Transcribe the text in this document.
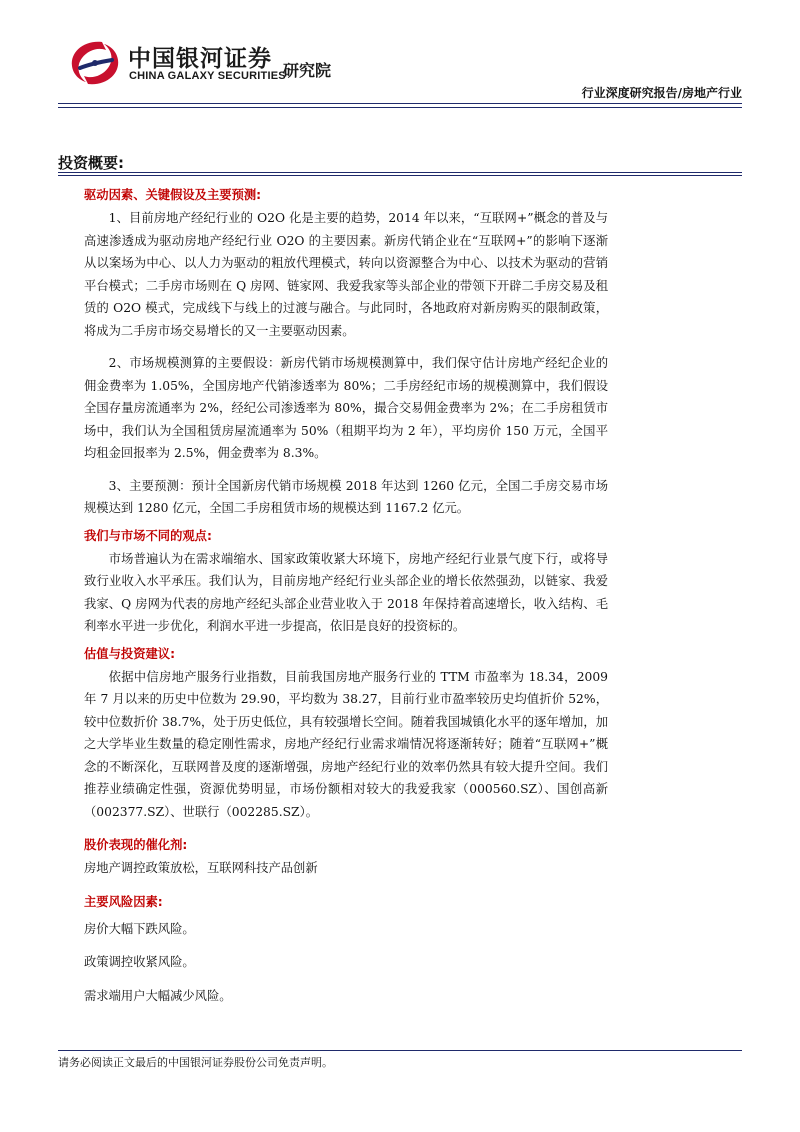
中国银河证券
CHINA GALAXY SECURITIES
研究院
行业深度研究报告/房地产行业
投资概要:
驱动因素、关键假设及主要预测:

1、目前房地产经纪行业的 O2O 化是主要的趋势，2014 年以来，“互联网+”概念的普及与高速渗透成为驱动房地产经纪行业 O2O 的主要因素。新房代销企业在“互联网+”的影响下逐渐从以案场为中心、以人力为驱动的粗放代理模式，转向以资源整合为中心、以技术为驱动的营销平台模式；二手房市场则在 Q 房网、链家网、我爱我家等头部企业的带领下开辟二手房交易及租赁的 O2O 模式，完成线下与线上的过渡与融合。与此同时，各地政府对新房购买的限制政策，将成为二手房市场交易增长的又一主要驱动因素。

2、市场规模测算的主要假设：新房代销市场规模测算中，我们保守估计房地产经纪企业的佣金费率为 1.05%，全国房地产代销渗透率为 80%；二手房经纪市场的规模测算中，我们假设全国存量房流通率为 2%，经纪公司渗透率为 80%，撮合交易佣金费率为 2%；在二手房租赁市场中，我们认为全国租赁房屋流通率为 50%（租期平均为 2 年），平均房价 150 万元，全国平均租金回报率为 2.5%，佣金费率为 8.3%。

3、主要预测：预计全国新房代销市场规模 2018 年达到 1260 亿元，全国二手房交易市场规模达到 1280 亿元，全国二手房租赁市场的规模达到 1167.2 亿元。

我们与市场不同的观点:

市场普遍认为在需求端缩水、国家政策收紧大环境下，房地产经纪行业景气度下行，或将导致行业收入水平承压。我们认为，目前房地产经纪行业头部企业的增长依然强劲，以链家、我爱我家、Q 房网为代表的房地产经纪头部企业营业收入于 2018 年保持着高速增长，收入结构、毛利率水平进一步优化，利润水平进一步提高，依旧是良好的投资标的。

估值与投资建议:

依据中信房地产服务行业指数，目前我国房地产服务行业的 TTM 市盈率为 18.34，2009 年 7 月以来的历史中位数为 29.90，平均数为 38.27，目前行业市盈率较历史均值折价 52%，较中位数折价 38.7%，处于历史低位，具有较强增长空间。随着我国城镇化水平的逐年增加，加之大学毕业生数量的稳定刚性需求，房地产经纪行业需求端情况将逐渐转好；随着“互联网+”概念的不断深化，互联网普及度的逐渐增强，房地产经纪行业的效率仍然具有较大提升空间。我们推荐业绩确定性强，资源优势明显，市场份额相对较大的我爱我家（000560.SZ）、国创高新（002377.SZ）、世联行（002285.SZ）。

股价表现的催化剂:

房地产调控政策放松，互联网科技产品创新

主要风险因素:

房价大幅下跌风险。

政策调控收紧风险。

需求端用户大幅减少风险。

请务必阅读正文最后的中国银河证券股份公司免责声明。
